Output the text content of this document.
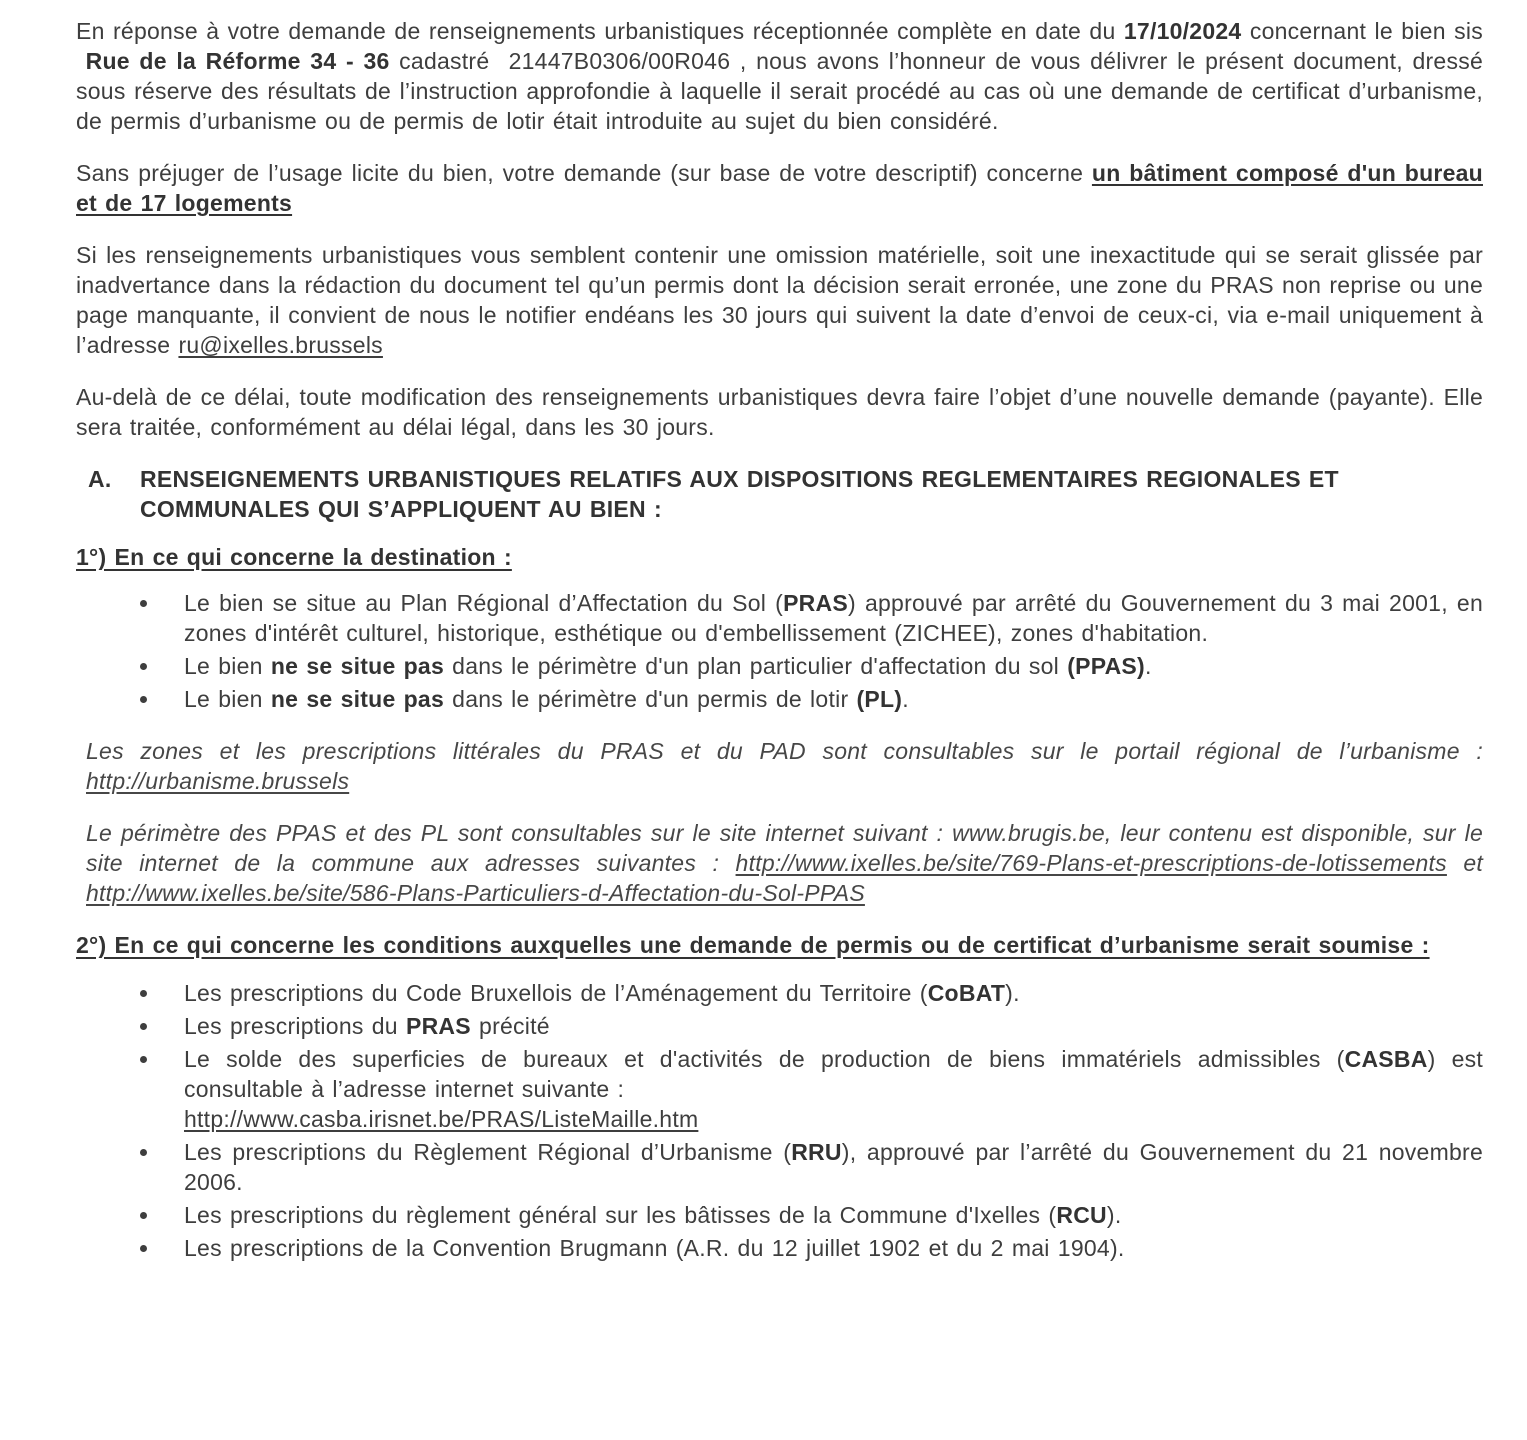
En réponse à votre demande de renseignements urbanistiques réceptionnée complète en date du 17/10/2024 concernant le bien sis  Rue de la Réforme 34 - 36 cadastré  21447B0306/00R046 , nous avons l’honneur de vous délivrer le présent document, dressé sous réserve des résultats de l’instruction approfondie à laquelle il serait procédé au cas où une demande de certificat d’urbanisme, de permis d’urbanisme ou de permis de lotir était introduite au sujet du bien considéré.

Sans préjuger de l’usage licite du bien, votre demande (sur base de votre descriptif) concerne un bâtiment composé d'un bureau et de 17 logements

Si les renseignements urbanistiques vous semblent contenir une omission matérielle, soit une inexactitude qui se serait glissée par inadvertance dans la rédaction du document tel qu’un permis dont la décision serait erronée, une zone du PRAS non reprise ou une page manquante, il convient de nous le notifier endéans les 30 jours qui suivent la date d’envoi de ceux-ci, via e-mail uniquement à l’adresse ru@ixelles.brussels

Au-delà de ce délai, toute modification des renseignements urbanistiques devra faire l’objet d’une nouvelle demande (payante). Elle sera traitée, conformément au délai légal, dans les 30 jours.

A.	RENSEIGNEMENTS URBANISTIQUES RELATIFS AUX DISPOSITIONS REGLEMENTAIRES REGIONALES ET COMMUNALES QUI S’APPLIQUENT AU BIEN :

1°) En ce qui concerne la destination :

Le bien se situe au Plan Régional d’Affectation du Sol (PRAS) approuvé par arrêté du Gouvernement du 3 mai 2001, en zones d'intérêt culturel, historique, esthétique ou d'embellissement (ZICHEE), zones d'habitation.
Le bien ne se situe pas dans le périmètre d'un plan particulier d'affectation du sol (PPAS).
Le bien ne se situe pas dans le périmètre d'un permis de lotir (PL).

Les zones et les prescriptions littérales du PRAS et du PAD sont consultables sur le portail régional de l’urbanisme : http://urbanisme.brussels

Le périmètre des PPAS et des PL sont consultables sur le site internet suivant : www.brugis.be, leur contenu est disponible, sur le site internet de la commune aux adresses suivantes : http://www.ixelles.be/site/769-Plans-et-prescriptions-de-lotissements et http://www.ixelles.be/site/586-Plans-Particuliers-d-Affectation-du-Sol-PPAS

2°) En ce qui concerne les conditions auxquelles une demande de permis ou de certificat d’urbanisme serait soumise :

Les prescriptions du Code Bruxellois de l’Aménagement du Territoire (CoBAT).
Les prescriptions du PRAS précité
Le solde des superficies de bureaux et d'activités de production de biens immatériels admissibles (CASBA) est consultable à l’adresse internet suivante :
http://www.casba.irisnet.be/PRAS/ListeMaille.htm
Les prescriptions du Règlement Régional d’Urbanisme (RRU), approuvé par l’arrêté du Gouvernement du 21 novembre 2006.
Les prescriptions du règlement général sur les bâtisses de la Commune d'Ixelles (RCU).
Les prescriptions de la Convention Brugmann (A.R. du 12 juillet 1902 et du 2 mai 1904).
